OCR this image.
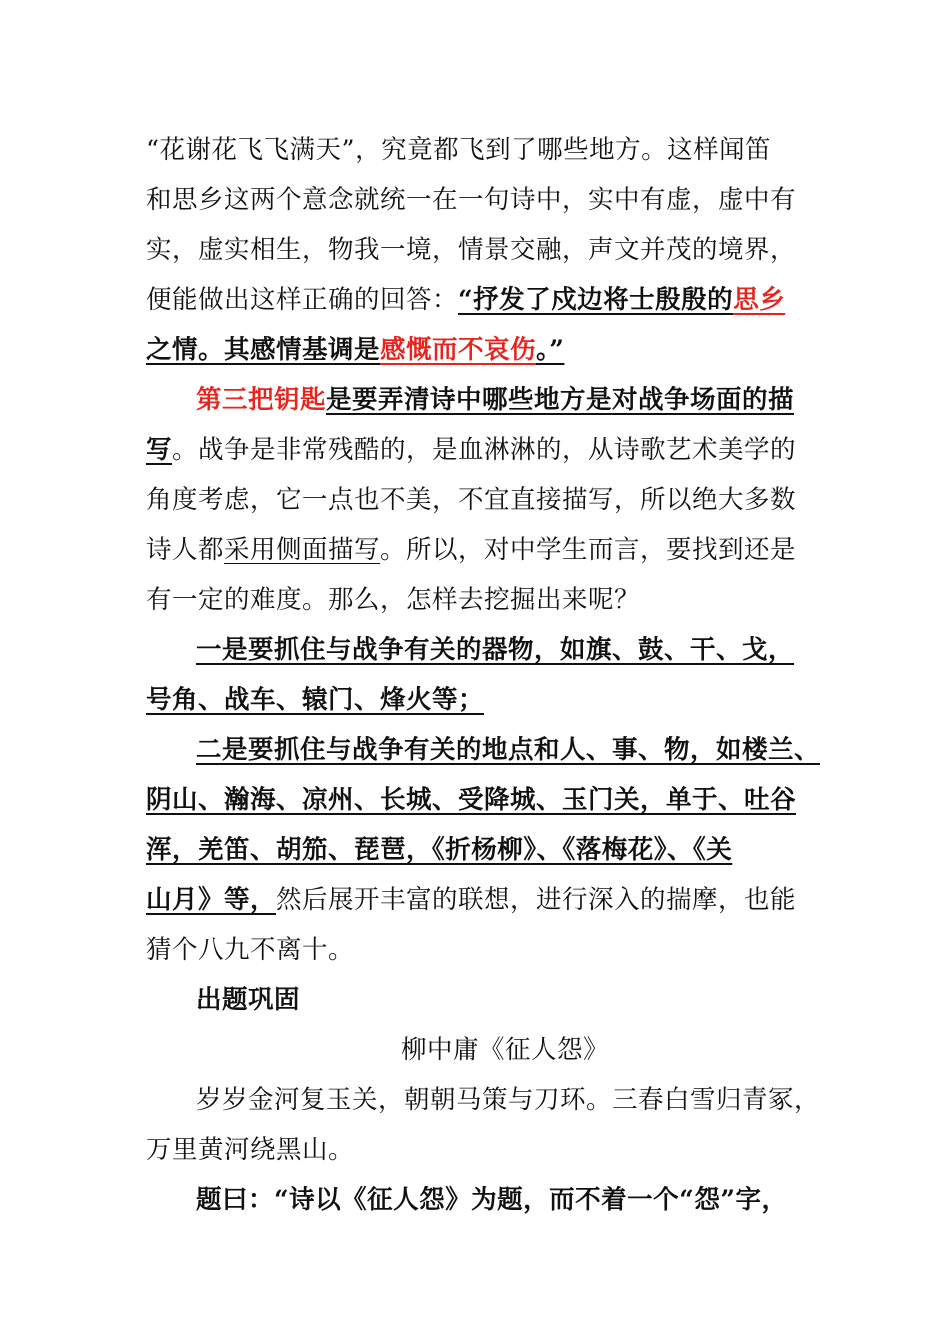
“花谢花飞飞满天”，究竟都飞到了哪些地方。这样闻笛
和思乡这两个意念就统一在一句诗中，实中有虚，虚中有
实，虚实相生，物我一境，情景交融，声文并茂的境界，
便能做出这样正确的回答：“抒发了戍边将士殷殷的思乡
之情。其感情基调是感慨而不哀伤。”
第三把钥匙是要弄清诗中哪些地方是对战争场面的描
写。战争是非常残酷的，是血淋淋的，从诗歌艺术美学的
角度考虑，它一点也不美，不宜直接描写，所以绝大多数
诗人都采用侧面描写。所以，对中学生而言，要找到还是
有一定的难度。那么，怎样去挖掘出来呢？
一是要抓住与战争有关的器物，如旗、鼓、干、戈，
号角、战车、辕门、烽火等；
二是要抓住与战争有关的地点和人、事、物，如楼兰、
阴山、瀚海、凉州、长城、受降城、玉门关，单于、吐谷
浑，羌笛、胡笳、琵琶，《折杨柳》、《落梅花》、《关
山月》等，然后展开丰富的联想，进行深入的揣摩，也能
猜个八九不离十。
出题巩固
柳中庸《征人怨》
岁岁金河复玉关，朝朝马策与刀环。三春白雪归青冢，
万里黄河绕黑山。
题曰：“诗以《征人怨》为题，而不着一个“怨”字，
